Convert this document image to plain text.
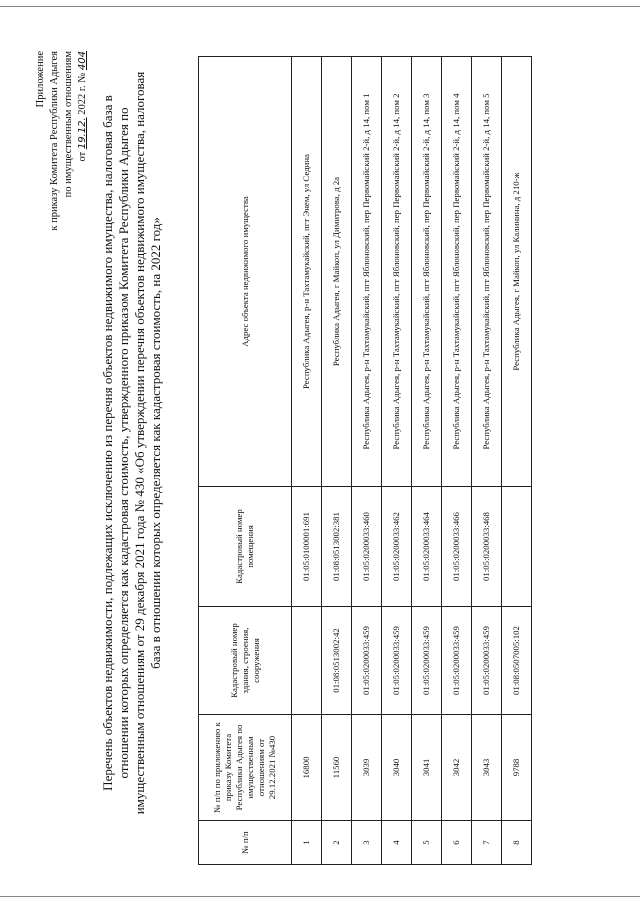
Приложение к приказу Комитета Республики Адыгея по имущественным отношениям от 19.12. 2022 г. № 404
Перечень объектов недвижимости, подлежащих исключению из перечня объектов недвижимого имущества, налоговая база в отношении которых определяется как кадастровая стоимость, утвержденного приказом Комитета Республики Адыгея по имущественным отношениям от 29 декабря 2021 года № 430 «Об утверждении перечня объектов недвижимого имущества, налоговая база в отношении которых определяется как кадастровая стоимость, на 2022 год»
№ п/п	№ п/п по приложению к приказу Комитета Республики Адыгея по имущественным отношениям от 29.12.2021 №430	Кадастровый номер здания, строения, сооружения	Кадастровый номер помещения	Адрес объекта недвижимого имущества
1	16800		01:05:0100001:691	Республика Адыгея, р-н Тахтамукайский, пгт Энем, ул Седина
2	11560	01:08:0513002:42	01:08:0513002:381	Республика Адыгея, г Майкоп, ул Димитрова, д 2а
3	3039	01:05:0200033:459	01:05:0200033:460	Республика Адыгея, р-н Тахтамукайский, пгт Яблоновский, пер Первомайский 2-й, д 14, пом 1
4	3040	01:05:0200033:459	01:05:0200033:462	Республика Адыгея, р-н Тахтамукайский, пгт Яблоновский, пер Первомайский 2-й, д 14, пом 2
5	3041	01:05:0200033:459	01:05:0200033:464	Республика Адыгея, р-н Тахтамукайский, пгт Яблоновский, пер Первомайский 2-й, д 14, пом 3
6	3042	01:05:0200033:459	01:05:0200033:466	Республика Адыгея, р-н Тахтамукайский, пгт Яблоновский, пер Первомайский 2-й, д 14, пом 4
7	3043	01:05:0200033:459	01:05:0200033:468	Республика Адыгея, р-н Тахтамукайский, пгт Яблоновский, пер Первомайский 2-й, д 14, пом 5
8	9788	01:08:0507005:102		Республика Адыгея, г Майкоп, ул Калинина, д 210-ж
